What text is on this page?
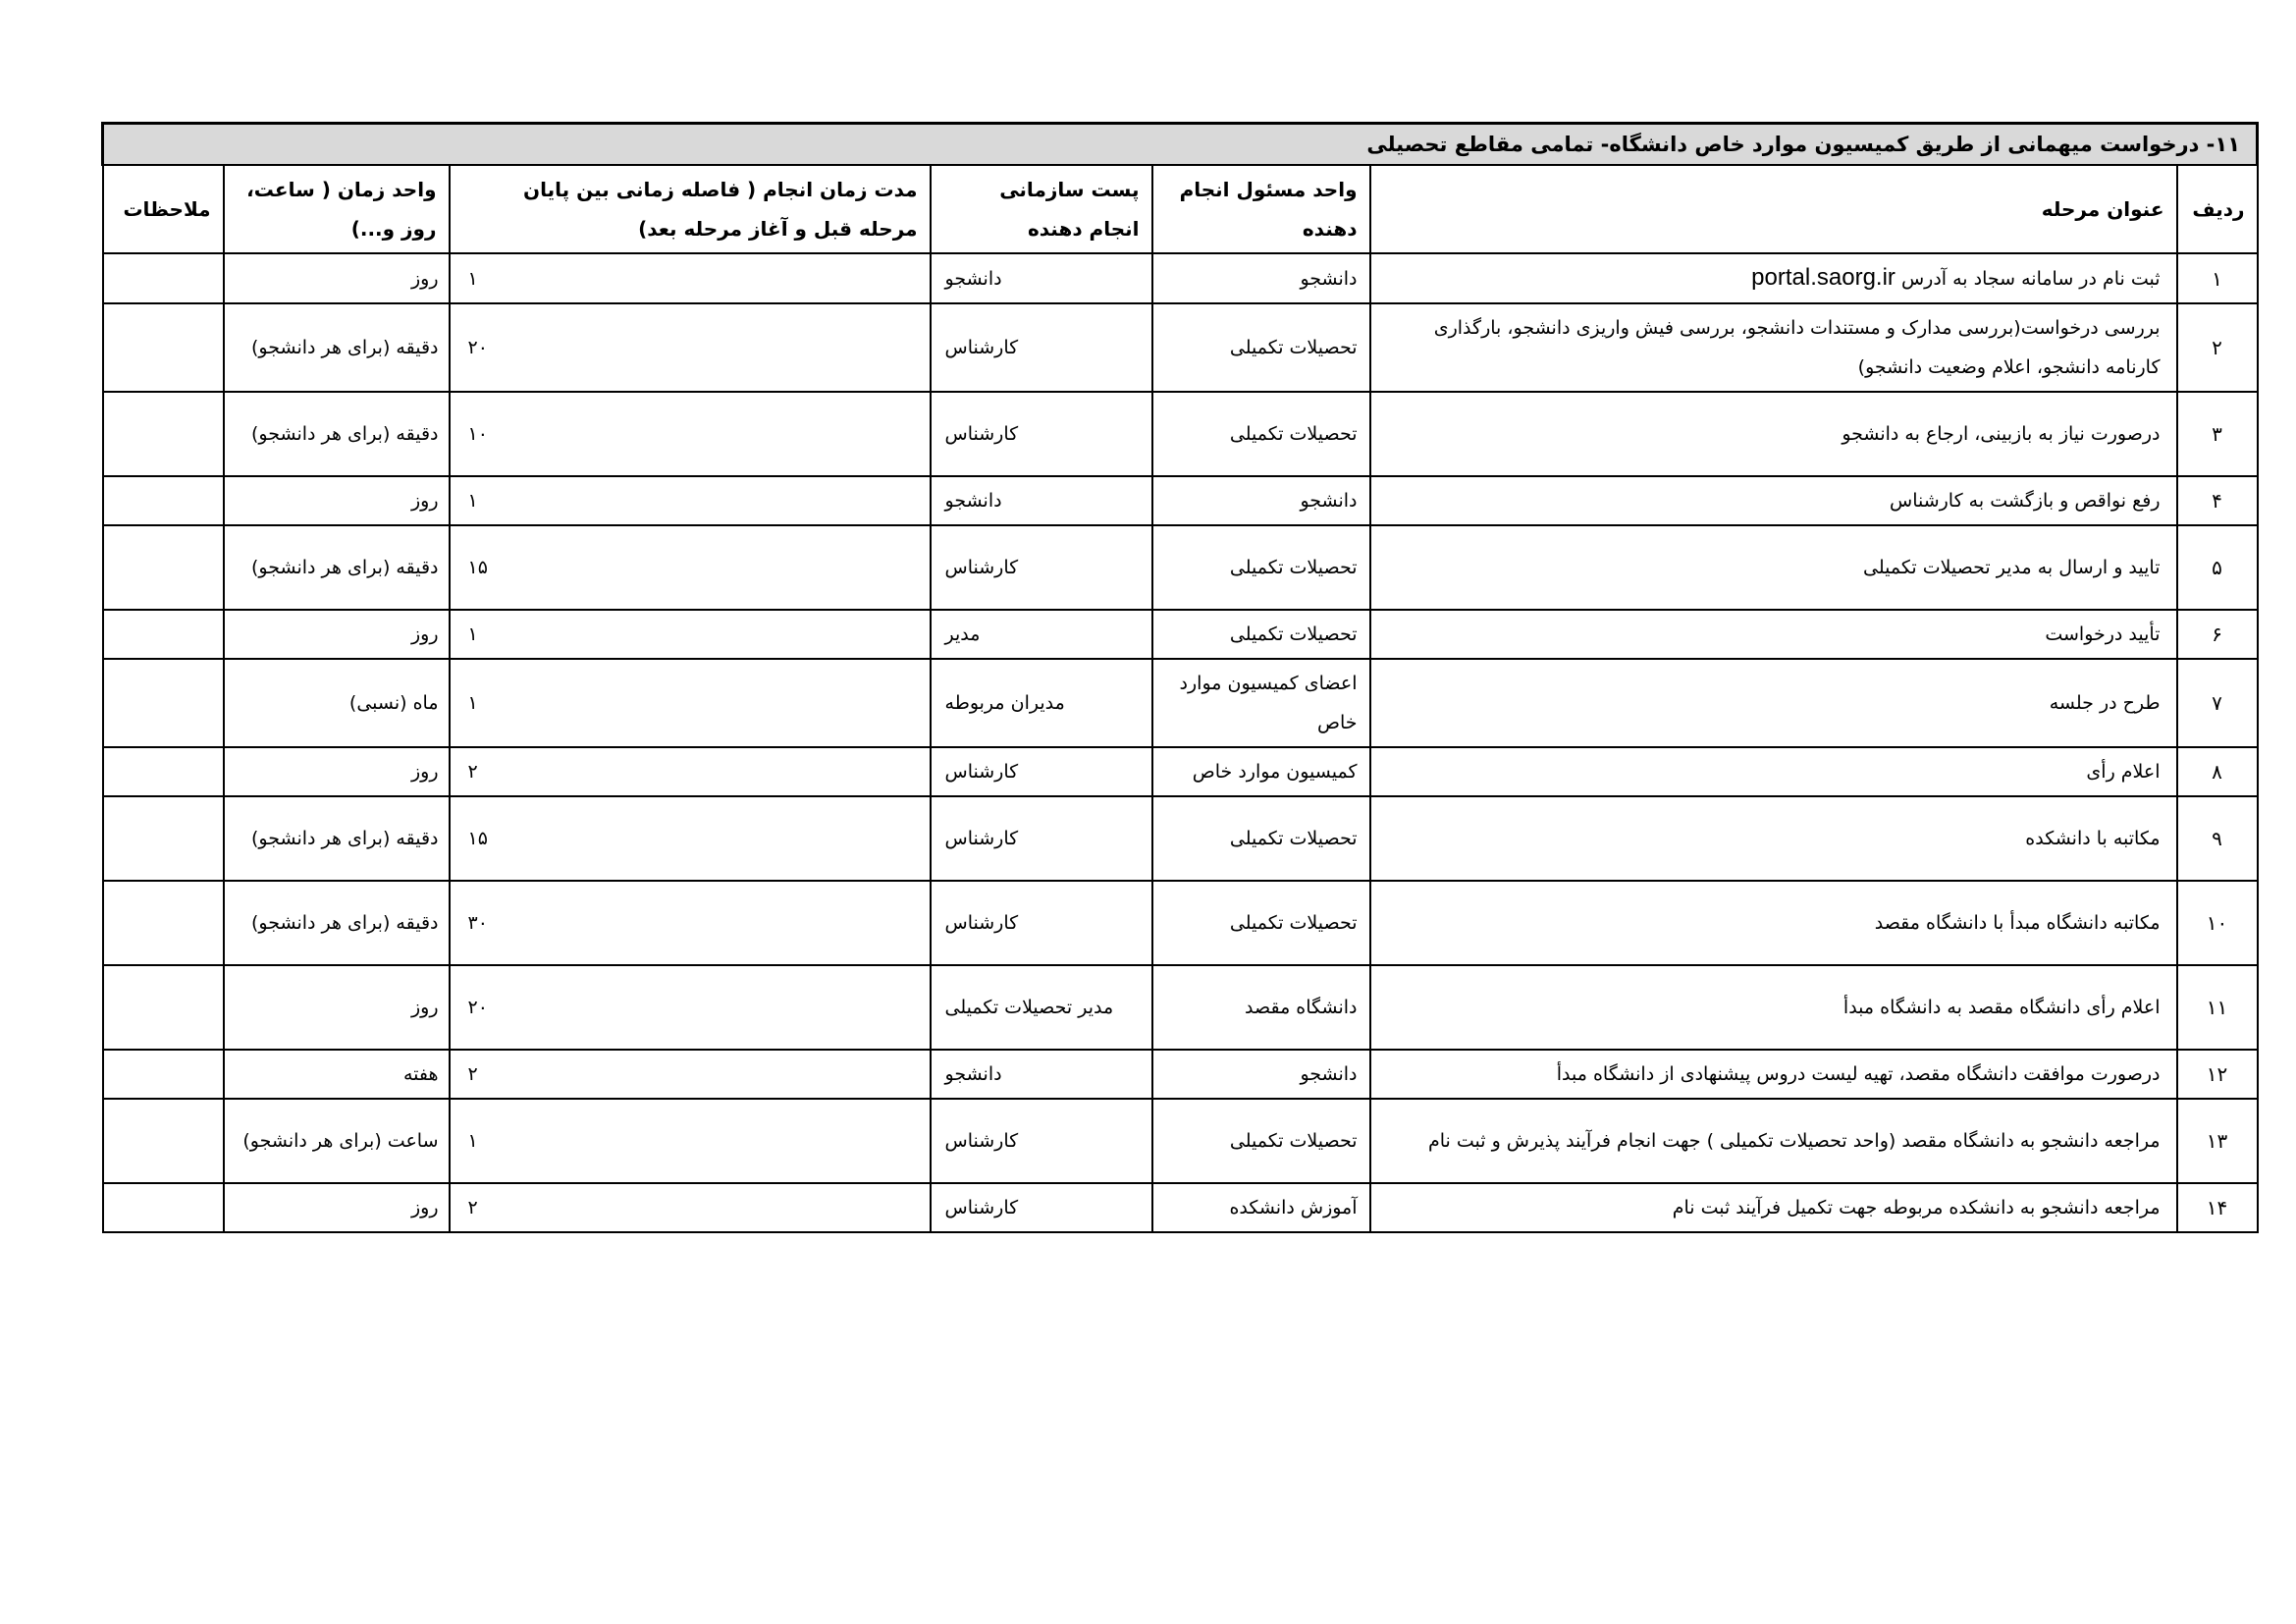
۱۱- درخواست میهمانی از طریق کمیسیون موارد خاص دانشگاه- تمامی مقاطع تحصیلی						
ردیف	عنوان مرحله	واحد مسئول انجام دهنده	پست سازمانی انجام دهنده	مدت زمان انجام ( فاصله زمانی بین پایان مرحله قبل و آغاز مرحله بعد)	واحد زمان ( ساعت، روز و...)	ملاحظات
۱	ثبت نام در سامانه سجاد به آدرس portal.saorg.ir	دانشجو	دانشجو	۱	روز	
۲	بررسی درخواست(بررسی مدارک و مستندات دانشجو، بررسی فیش واریزی دانشجو، بارگذاری کارنامه دانشجو، اعلام وضعیت دانشجو)	تحصیلات تکمیلی	کارشناس	۲۰	دقیقه (برای هر دانشجو)	
۳	درصورت نیاز به بازبینی، ارجاع به دانشجو	تحصیلات تکمیلی	کارشناس	۱۰	دقیقه (برای هر دانشجو)	
۴	رفع نواقص و بازگشت به کارشناس	دانشجو	دانشجو	۱	روز	
۵	تایید و ارسال به مدیر تحصیلات تکمیلی	تحصیلات تکمیلی	کارشناس	۱۵	دقیقه (برای هر دانشجو)	
۶	تأیید درخواست	تحصیلات تکمیلی	مدیر	۱	روز	
۷	طرح در جلسه	اعضای کمیسیون موارد خاص	مدیران مربوطه	۱	ماه (نسبی)	
۸	اعلام رأی	کمیسیون موارد خاص	کارشناس	۲	روز	
۹	مکاتبه با دانشکده	تحصیلات تکمیلی	کارشناس	۱۵	دقیقه (برای هر دانشجو)	
۱۰	مکاتبه دانشگاه مبدأ با دانشگاه مقصد	تحصیلات تکمیلی	کارشناس	۳۰	دقیقه (برای هر دانشجو)	
۱۱	اعلام رأی دانشگاه مقصد به دانشگاه مبدأ	دانشگاه مقصد	مدیر تحصیلات تکمیلی	۲۰	روز	
۱۲	درصورت موافقت دانشگاه مقصد، تهیه لیست دروس پیشنهادی از دانشگاه مبدأ	دانشجو	دانشجو	۲	هفته	
۱۳	مراجعه دانشجو به دانشگاه مقصد (واحد تحصیلات تکمیلی ) جهت انجام فرآیند پذیرش و ثبت نام	تحصیلات تکمیلی	کارشناس	۱	ساعت (برای هر دانشجو)	
۱۴	مراجعه دانشجو به دانشکده مربوطه جهت تکمیل فرآیند ثبت نام	آموزش دانشکده	کارشناس	۲	روز	
